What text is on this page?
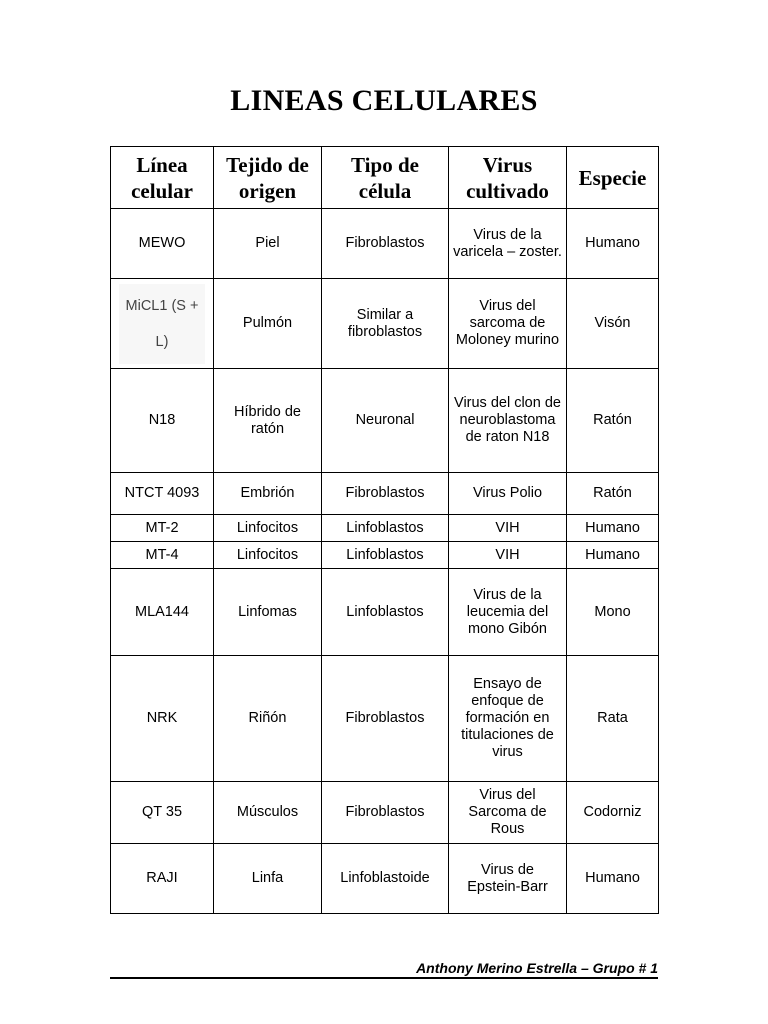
LINEAS CELULARES
Línea celular	Tejido de origen	Tipo de célula	Virus cultivado	Especie
MEWO	Piel	Fibroblastos	Virus de la varicela – zoster.	Humano

MiCL1 (S + L)	Pulmón	Similar a fibroblastos	Virus del sarcoma de Moloney murino	Visón
N18	Híbrido de ratón	Neuronal	Virus del clon de neuroblastoma de raton N18	Ratón
NTCT 4093	Embrión	Fibroblastos	Virus Polio	Ratón
MT-2	Linfocitos	Linfoblastos	VIH	Humano
MT-4	Linfocitos	Linfoblastos	VIH	Humano
MLA144	Linfomas	Linfoblastos	Virus de la leucemia del mono Gibón	Mono
NRK	Riñón	Fibroblastos	Ensayo de enfoque de formación en titulaciones de virus	Rata
QT 35	Músculos	Fibroblastos	Virus del Sarcoma de Rous	Codorniz
RAJI	Linfa	Linfoblastoide	Virus de Epstein-Barr	Humano
Anthony Merino Estrella – Grupo # 1
